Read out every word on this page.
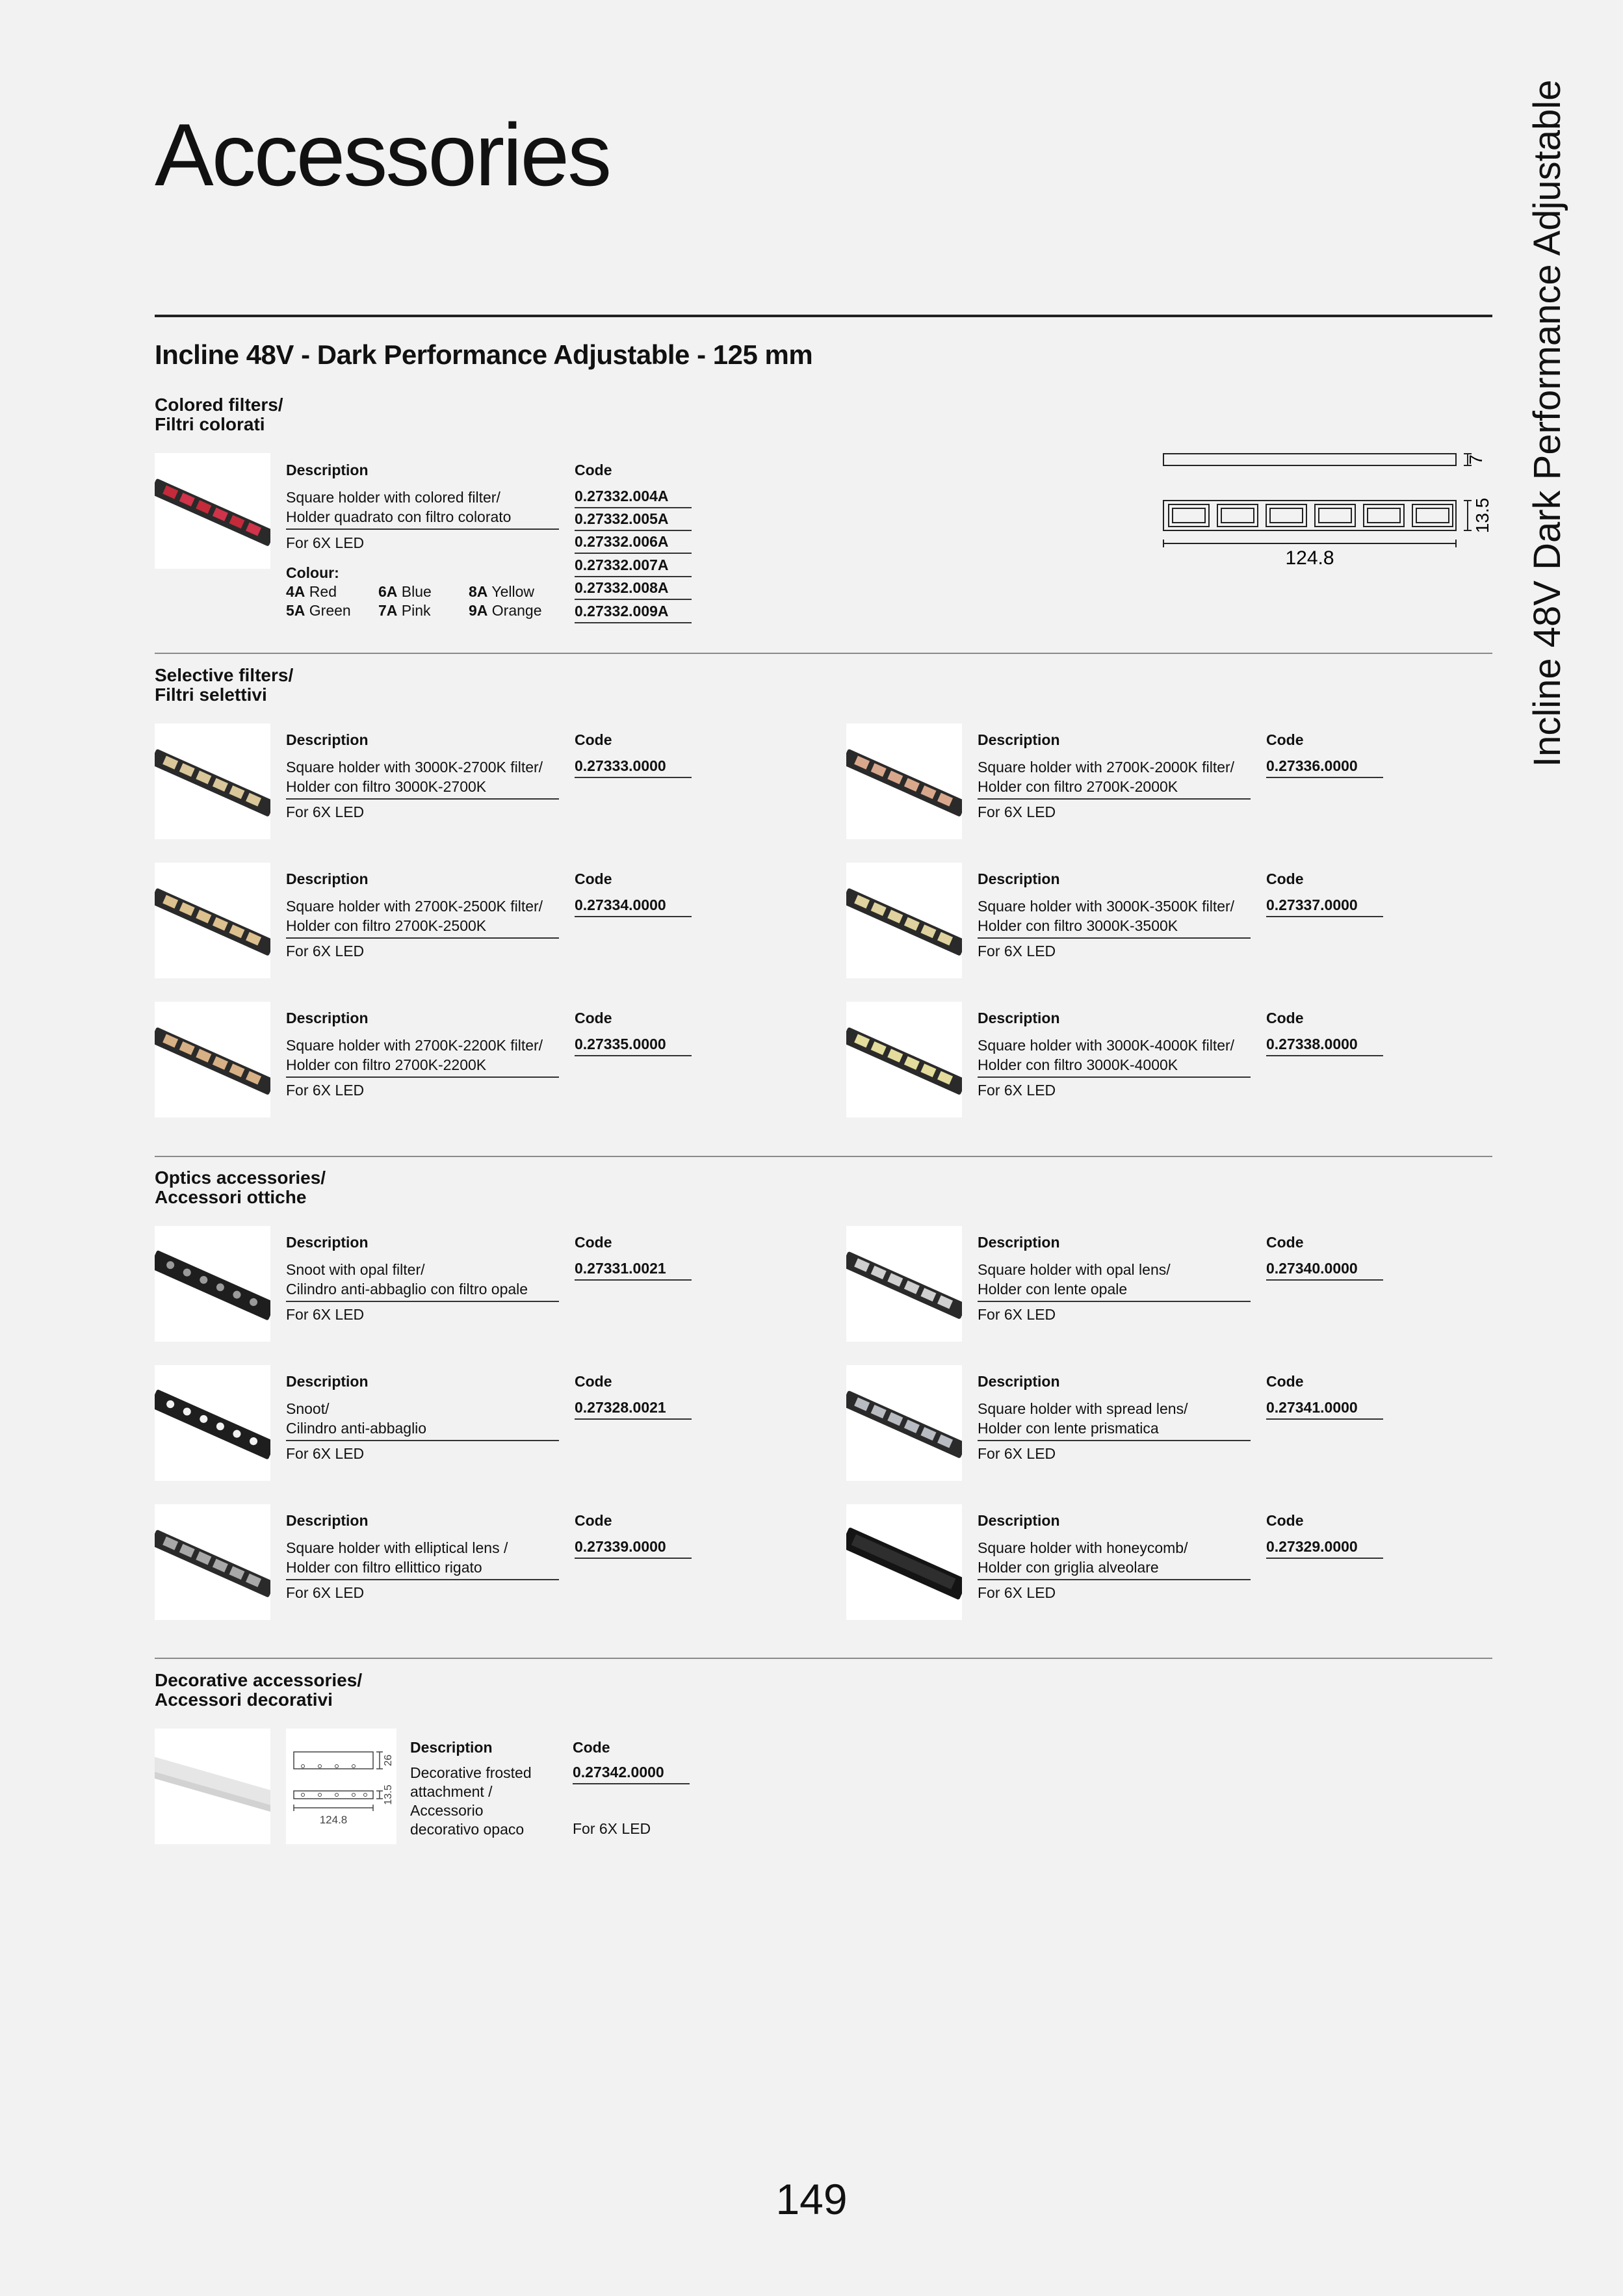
Accessories	Incline 48V Dark Performance Adjustable
Incline 48V - Dark Performance Adjustable - 125 mm
Colored filters/
Filtri colorati
Description
Square holder with colored filter/
Holder quadrato con filtro colorato
For 6X LED
Colour:
4A Red
5A Green
6A Blue
7A Pink
8A Yellow
9A Orange
Code
0.27332.004A
0.27332.005A
0.27332.006A
0.27332.007A
0.27332.008A
0.27332.009A
7
13.5
124.8
Selective filters/
Filtri selettivi
Description
Square holder with 3000K-2700K filter/
Holder con filtro 3000K-2700K
For 6X LED
Code
0.27333.0000
Description
Square holder with 2700K-2000K filter/
Holder con filtro 2700K-2000K
For 6X LED
Code
0.27336.0000
Description
Square holder with 2700K-2500K filter/
Holder con filtro 2700K-2500K
For 6X LED
Code
0.27334.0000
Description
Square holder with 3000K-3500K filter/
Holder con filtro 3000K-3500K
For 6X LED
Code
0.27337.0000
Description
Square holder with 2700K-2200K filter/
Holder con filtro 2700K-2200K
For 6X LED
Code
0.27335.0000
Description
Square holder with 3000K-4000K filter/
Holder con filtro 3000K-4000K
For 6X LED
Code
0.27338.0000
Optics accessories/
Accessori ottiche
Description
Snoot with opal filter/
Cilindro anti-abbaglio con filtro opale
For 6X LED
Code
0.27331.0021
Description
Square holder with opal lens/
Holder con lente opale
For 6X LED
Code
0.27340.0000
Description
Snoot/
Cilindro anti-abbaglio
For 6X LED
Code
0.27328.0021
Description
Square holder with spread lens/
Holder con lente prismatica
For 6X LED
Code
0.27341.0000
Description
Square holder with elliptical lens /
Holder con filtro ellittico rigato
For 6X LED
Code
0.27339.0000
Description
Square holder with honeycomb/
Holder con griglia alveolare
For 6X LED
Code
0.27329.0000
Decorative accessories/
Accessori decorativi
26
13.5
124.8
Description
Decorative frosted
attachment /
Accessorio
decorativo opaco
Code
0.27342.0000
For 6X LED
149
